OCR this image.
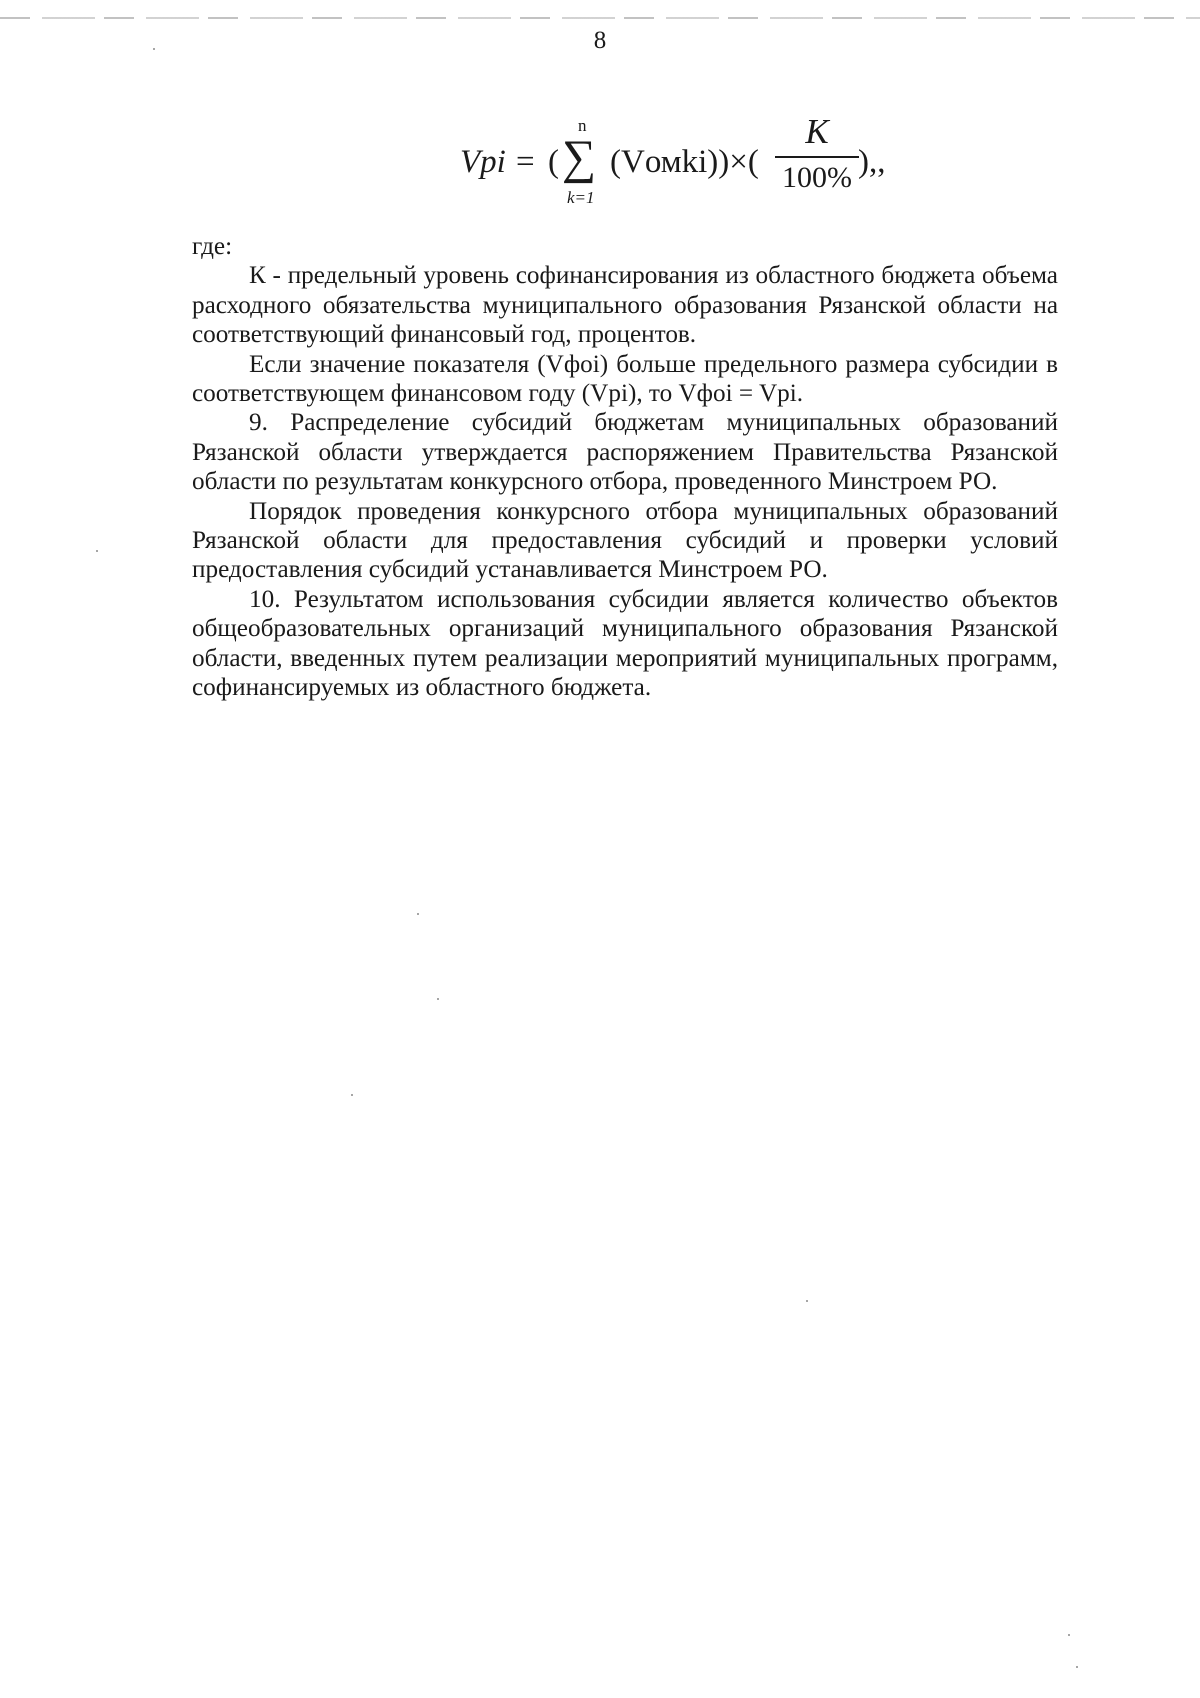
8
Vpi = (
n
∑
k=1
(Vомki))×(
K
100% ),,

где:

К - предельный уровень софинансирования из областного бюджета объема расходного обязательства муниципального образования Рязанской области на соответствующий финансовый год, процентов.

Если значение показателя (Vфоi) больше предельного размера субсидии в соответствующем финансовом году (Vpi), то Vфоi = Vpi.

9. Распределение субсидий бюджетам муниципальных образований Рязанской области утверждается распоряжением Правительства Рязанской области по результатам конкурсного отбора, проведенного Минстроем РО.

Порядок проведения конкурсного отбора муниципальных образований Рязанской области для предоставления субсидий и проверки условий предоставления субсидий устанавливается Минстроем РО.

10. Результатом использования субсидии является количество объектов общеобразовательных организаций муниципального образования Рязанской области, введенных путем реализации мероприятий муниципальных программ, софинансируемых из областного бюджета.
